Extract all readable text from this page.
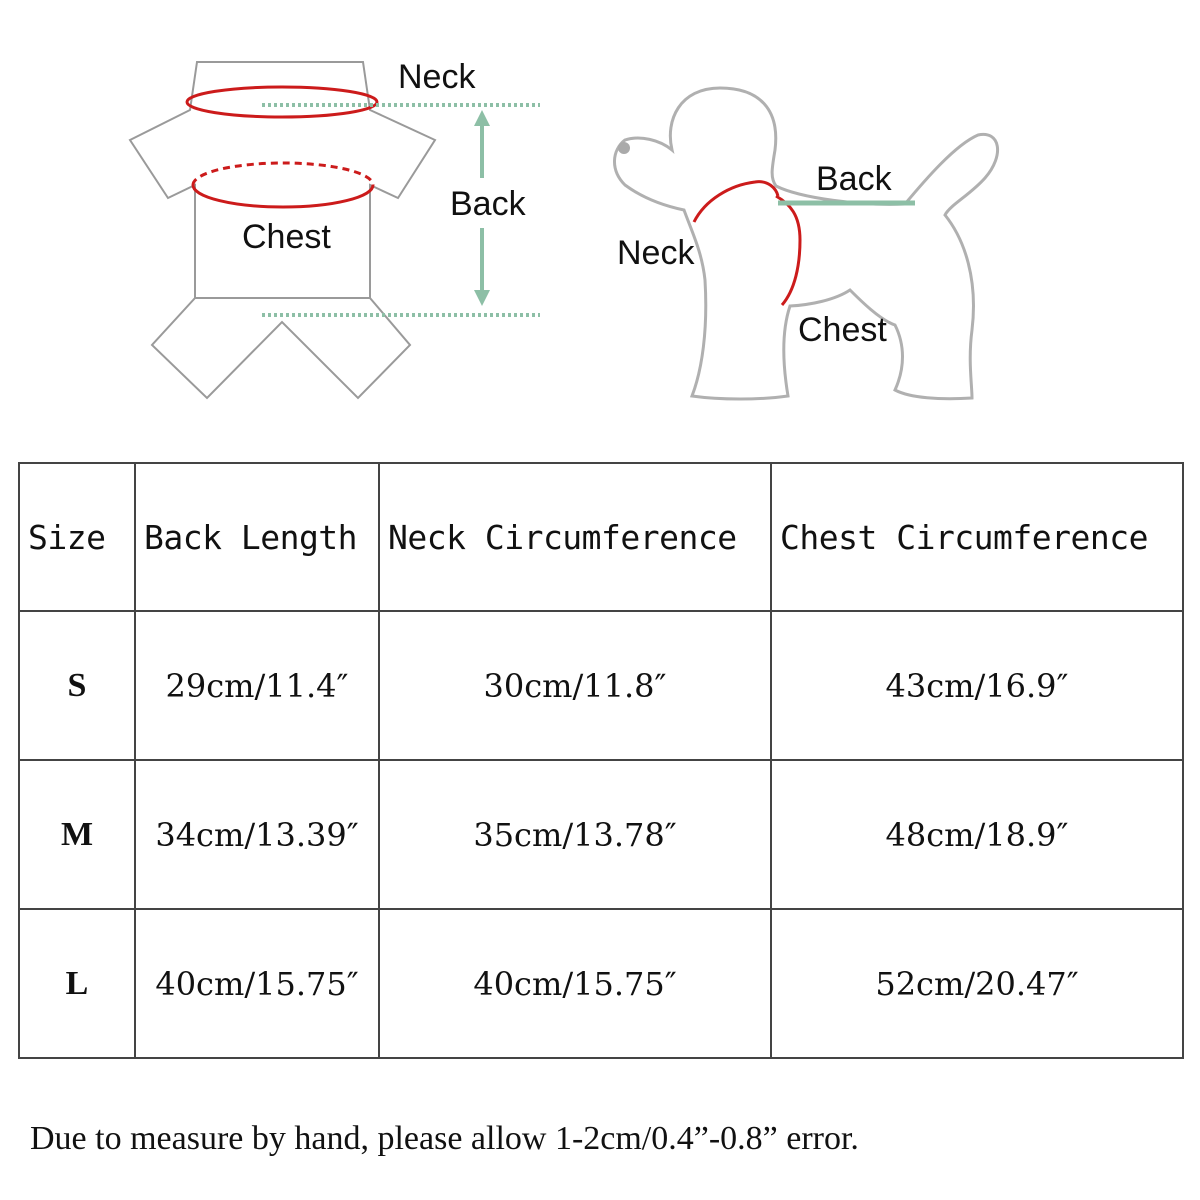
Neck
Back
Chest
Back
Neck
Chest
Size	Back Length	Neck Circumference	Chest Circumference
S	29cm/11.4″	30cm/11.8″	43cm/16.9″
M	34cm/13.39″	35cm/13.78″	48cm/18.9″
L	40cm/15.75″	40cm/15.75″	52cm/20.47″
Due to measure by hand, please allow 1-2cm/0.4”-0.8” error.
